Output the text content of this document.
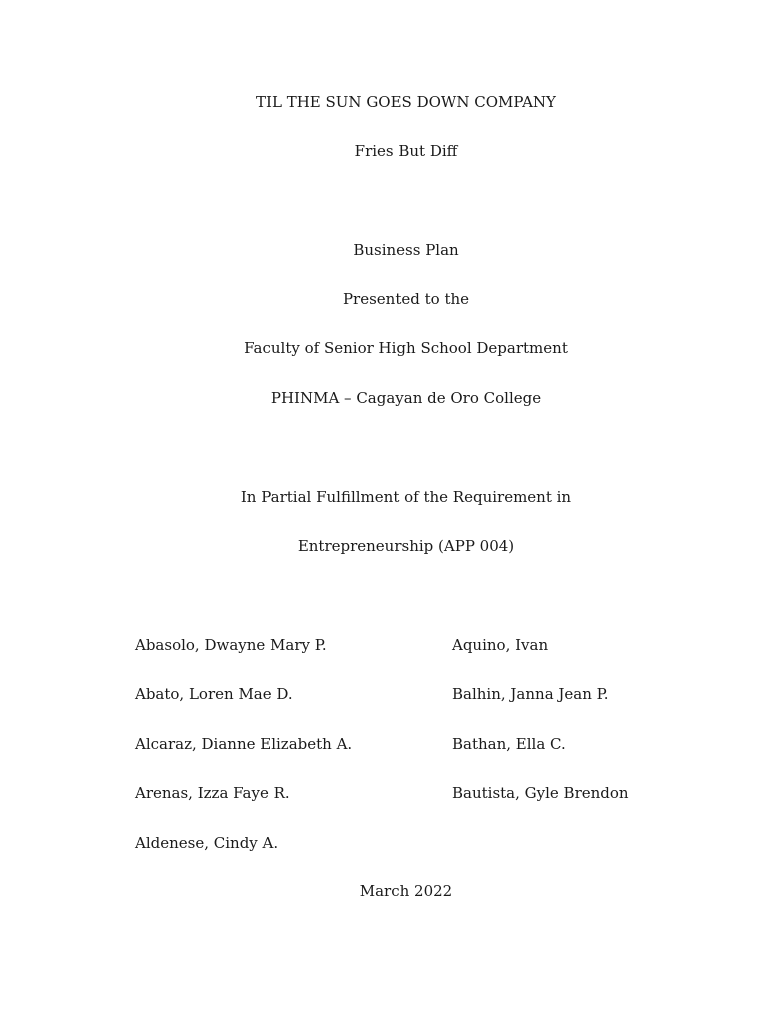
TIL THE SUN GOES DOWN COMPANY
Fries But Diff
Business Plan
Presented to the
Faculty of Senior High School Department
PHINMA – Cagayan de Oro College
In Partial Fulfillment of the Requirement in
Entrepreneurship (APP 004)
Abasolo, Dwayne Mary P.	Aquino, Ivan
Abato, Loren Mae D.	Balhin, Janna Jean P.
Alcaraz, Dianne Elizabeth A.	Bathan, Ella C.
Arenas, Izza Faye R.	Bautista, Gyle Brendon
Aldenese, Cindy A.
March 2022
